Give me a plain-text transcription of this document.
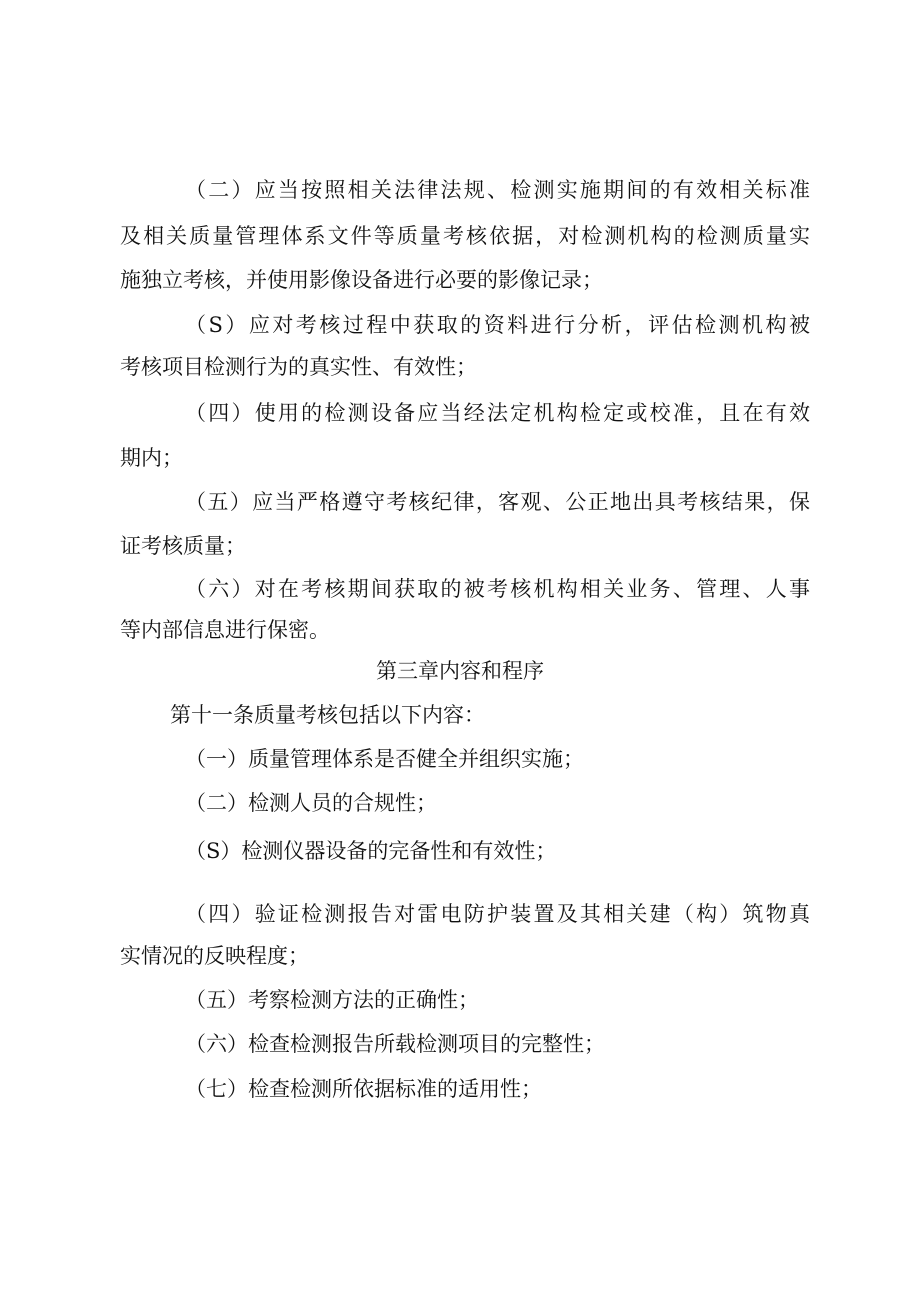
（二）应当按照相关法律法规、检测实施期间的有效相关标准
及相关质量管理体系文件等质量考核依据，对检测机构的检测质量实
施独立考核，并使用影像设备进行必要的影像记录；
（S）应对考核过程中获取的资料进行分析，评估检测机构被
考核项目检测行为的真实性、有效性；
（四）使用的检测设备应当经法定机构检定或校准，且在有效
期内；
（五）应当严格遵守考核纪律，客观、公正地出具考核结果，保
证考核质量；
（六）对在考核期间获取的被考核机构相关业务、管理、人事
等内部信息进行保密。
第三章内容和程序
第十一条质量考核包括以下内容：
（一）质量管理体系是否健全并组织实施；
（二）检测人员的合规性；
（S）检测仪器设备的完备性和有效性；
（四）验证检测报告对雷电防护装置及其相关建（构）筑物真
实情况的反映程度；
（五）考察检测方法的正确性；
（六）检查检测报告所载检测项目的完整性；
（七）检查检测所依据标准的适用性；
